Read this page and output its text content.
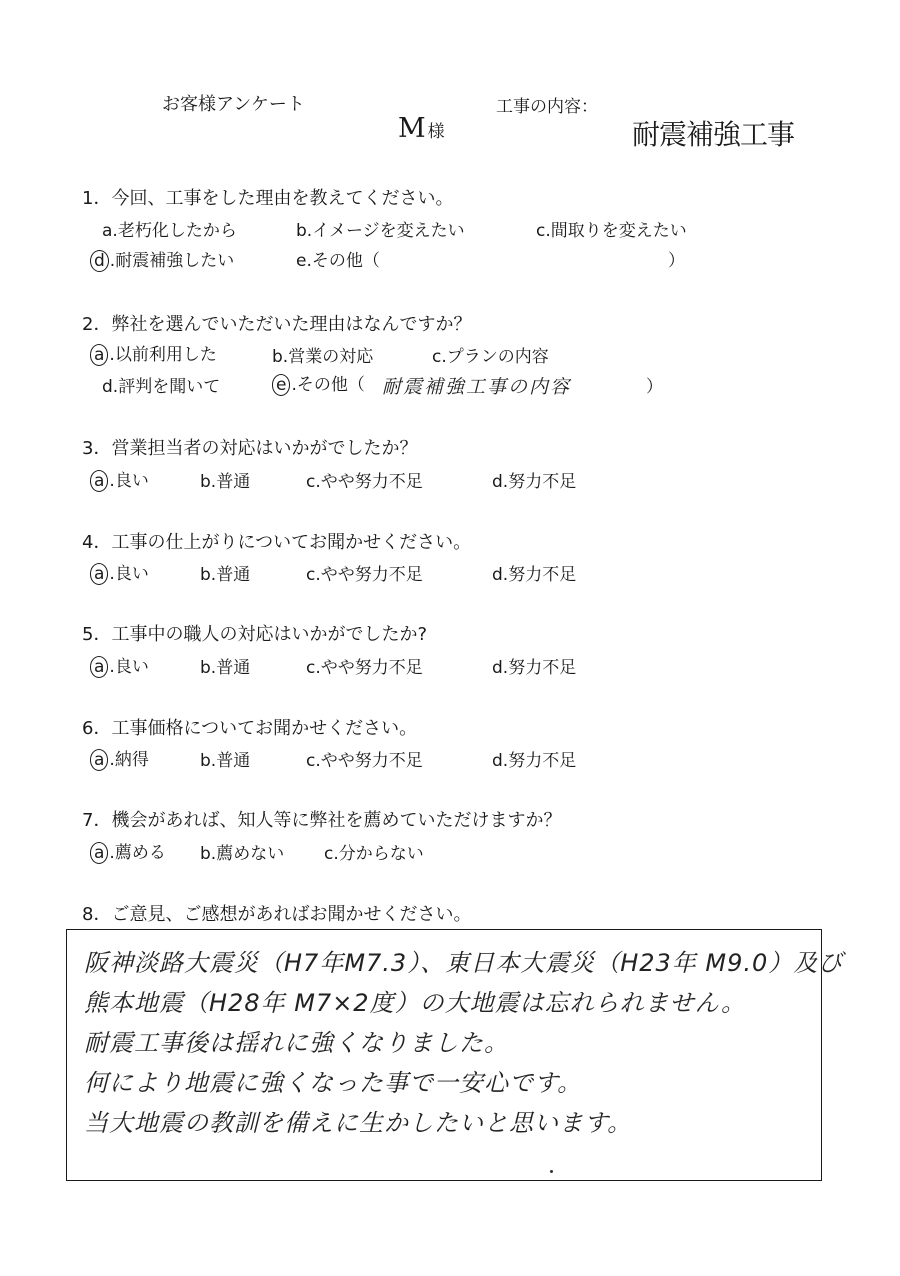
お客様アンケート
M様
工事の内容：
耐震補強工事
1．今回、工事をした理由を教えてください。
a.老朽化したから	b.イメージを変えたい	c.間取りを変えたい
d .耐震補強したい	e.その他（	）
2．弊社を選んでいただいた理由はなんですか？
a .以前利用した	b.営業の対応	c.プランの内容
d.評判を聞いて	e .その他（ 耐震補強工事の内容	）
3．営業担当者の対応はいかがでしたか？
a .良い	b.普通	c.やや努力不足	d.努力不足
4．工事の仕上がりについてお聞かせください。
a .良い	b.普通	c.やや努力不足	d.努力不足
5．工事中の職人の対応はいかがでしたか?
a .良い	b.普通	c.やや努力不足	d.努力不足
6．工事価格についてお聞かせください。
a .納得	b.普通	c.やや努力不足	d.努力不足
7．機会があれば、知人等に弊社を薦めていただけますか？
a .薦める b.薦めない c.分からない
8．ご意見、ご感想があればお聞かせください。
阪神淡路大震災（H7年M7.3）、東日本大震災（H23年 M9.0）及び
熊本地震（H28年 M7×2度）の大地震は忘れられません。
耐震工事後は揺れに強くなりました。
何により地震に強くなった事で一安心です。
当大地震の教訓を備えに生かしたいと思います。
